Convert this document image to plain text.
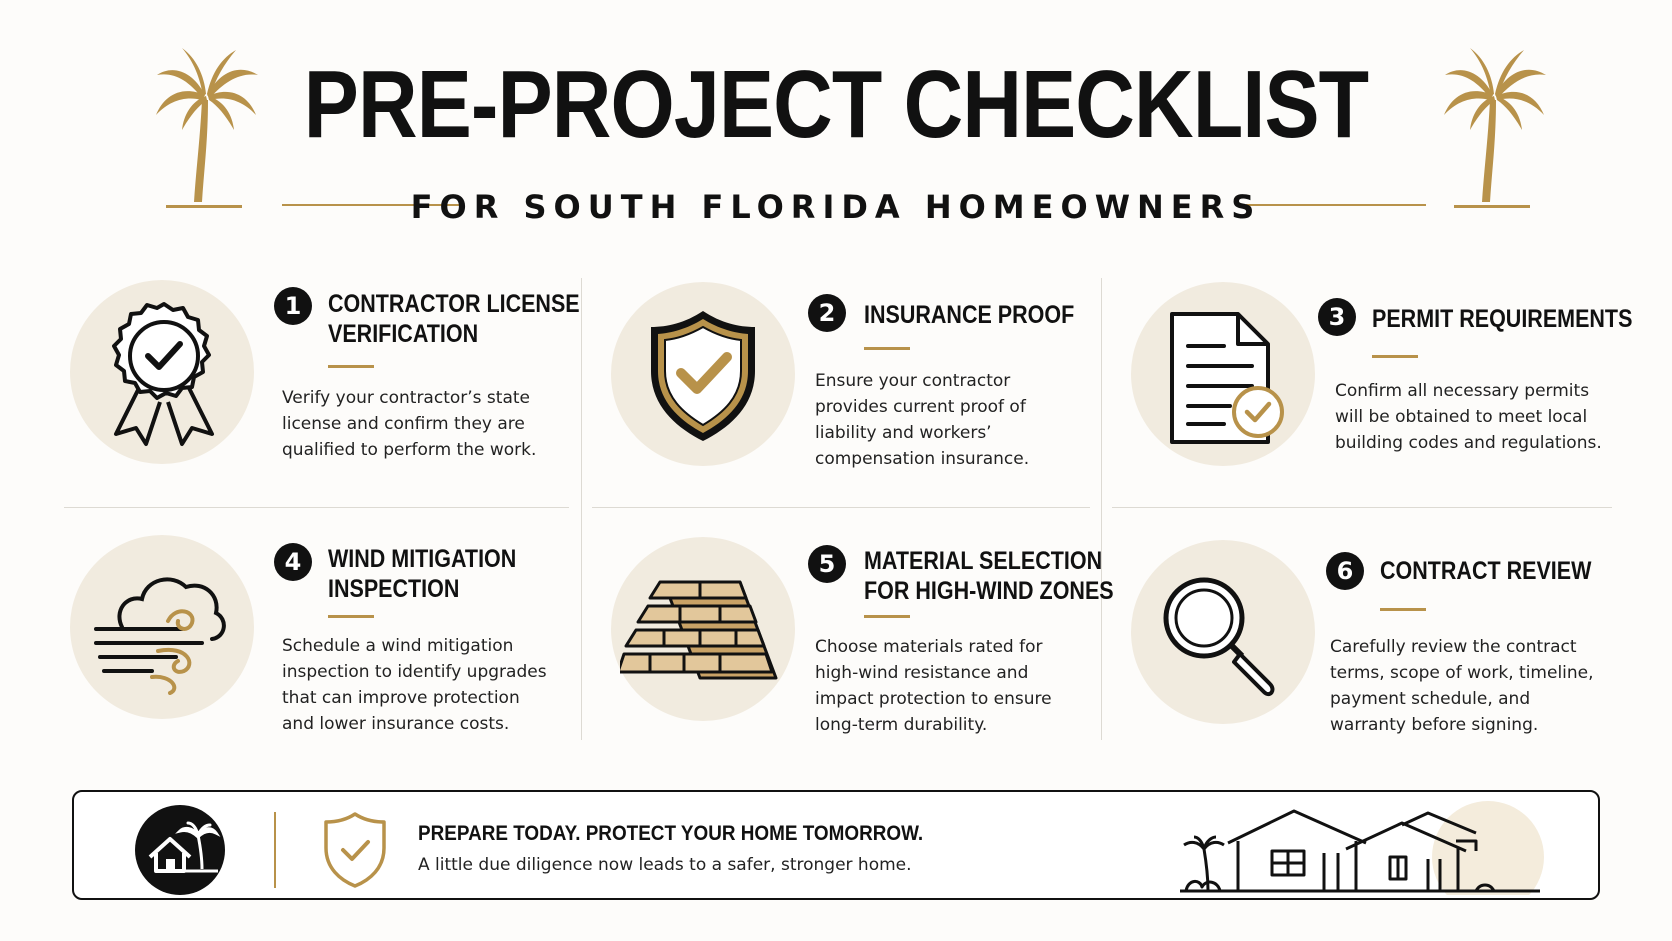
PRE-PROJECT CHECKLIST
FOR SOUTH FLORIDA HOMEOWNERS
1	CONTRACTOR LICENSE
VERIFICATION
Verify your contractor’s state license and confirm they are qualified to perform the work.
2	INSURANCE PROOF
Ensure your contractor provides current proof of liability and workers’ compensation insurance.
3	PERMIT REQUIREMENTS
Confirm all necessary permits will be obtained to meet local building codes and regulations.
4	WIND MITIGATION
INSPECTION
Schedule a wind mitigation inspection to identify upgrades that can improve protection and lower insurance costs.
5	MATERIAL SELECTION
FOR HIGH-WIND ZONES
Choose materials rated for high-wind resistance and impact protection to ensure long-term durability.
6	CONTRACT REVIEW
Carefully review the contract terms, scope of work, timeline, payment schedule, and warranty before signing.
PREPARE TODAY. PROTECT YOUR HOME TOMORROW.
A little due diligence now leads to a safer, stronger home.
